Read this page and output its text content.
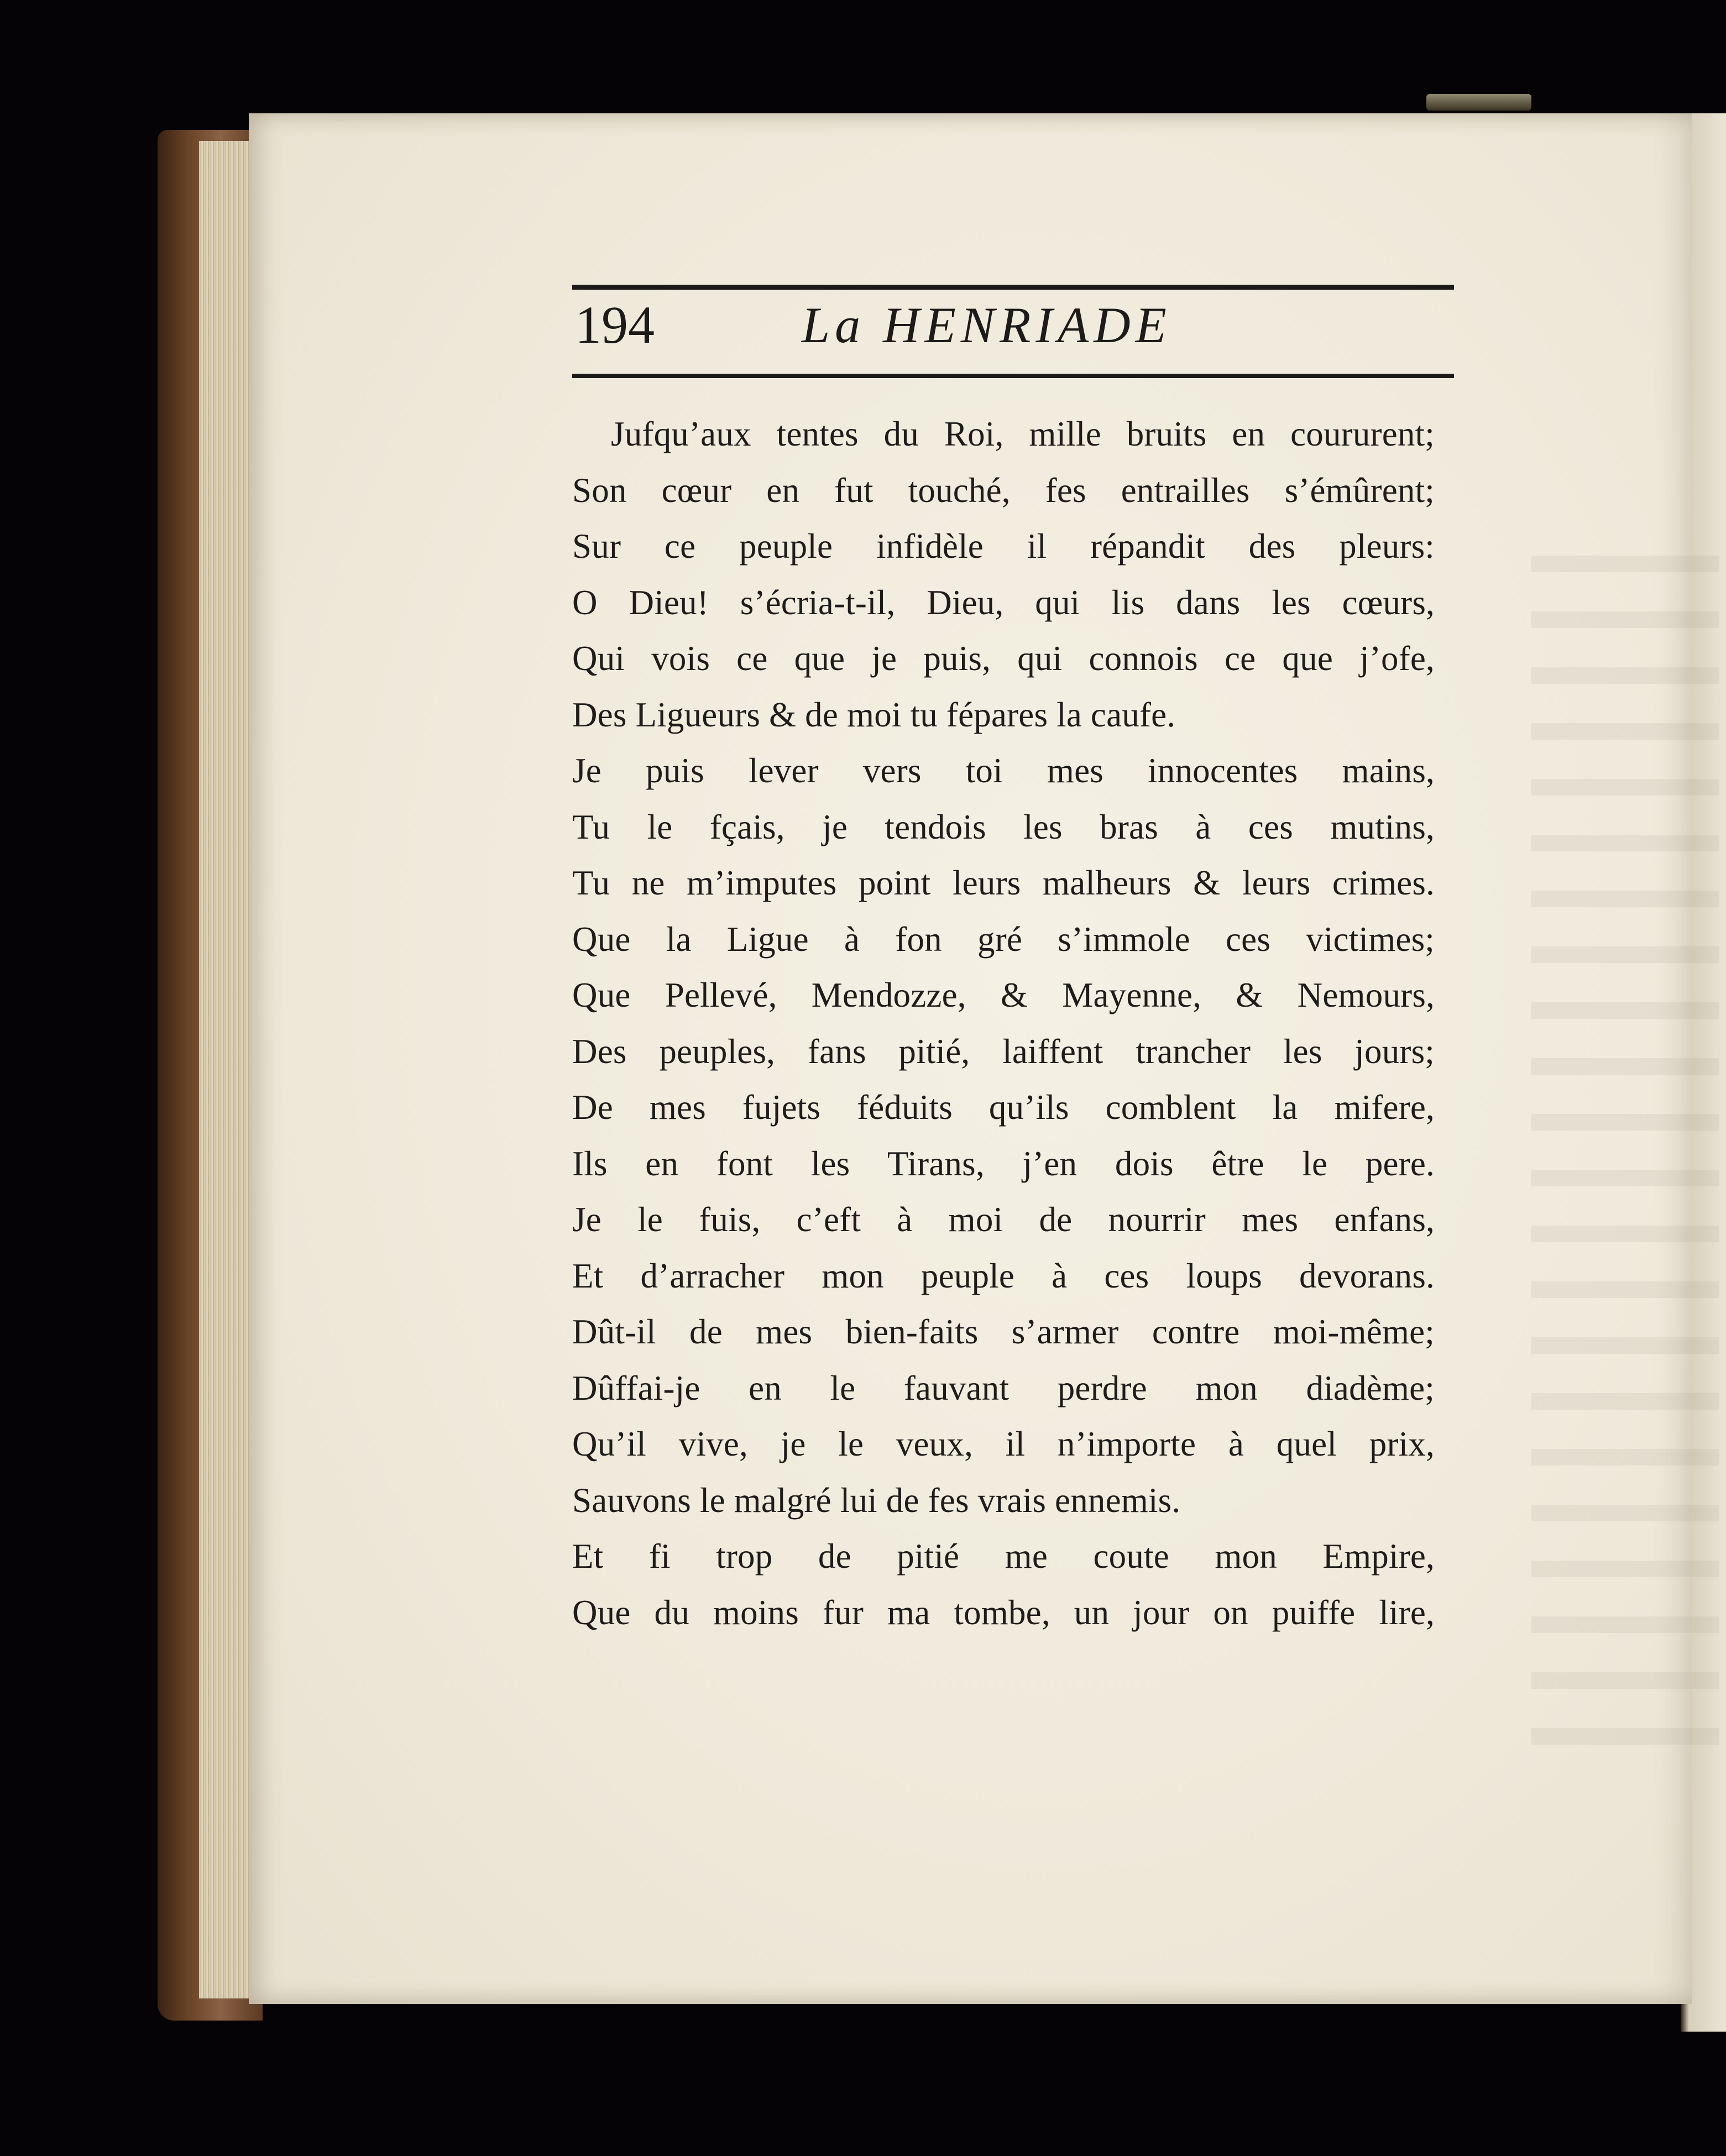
194	La HENRIADE
Jufqu’aux tentes du Roi, mille bruits en coururent;
Son cœur en fut touché, fes entrailles s’émûrent;
Sur ce peuple infidèle il répandit des pleurs:
O Dieu! s’écria-t-il, Dieu, qui lis dans les cœurs,
Qui vois ce que je puis, qui connois ce que j’ofe,
Des Ligueurs & de moi tu fépares la caufe.
Je puis lever vers toi mes innocentes mains,
Tu le fçais, je tendois les bras à ces mutins,
Tu ne m’imputes point leurs malheurs & leurs crimes.
Que la Ligue à fon gré s’immole ces victimes;
Que Pellevé, Mendozze, & Mayenne, & Nemours,
Des peuples, fans pitié, laiffent trancher les jours;
De mes fujets féduits qu’ils comblent la mifere,
Ils en font les Tirans, j’en dois être le pere.
Je le fuis, c’eft à moi de nourrir mes enfans,
Et d’arracher mon peuple à ces loups devorans.
Dût-il de mes bien-faits s’armer contre moi-même;
Dûffai-je en le fauvant perdre mon diadème;
Qu’il vive, je le veux, il n’importe à quel prix,
Sauvons le malgré lui de fes vrais ennemis.
Et fi trop de pitié me coute mon Empire,
Que du moins fur ma tombe, un jour on puiffe lire,
